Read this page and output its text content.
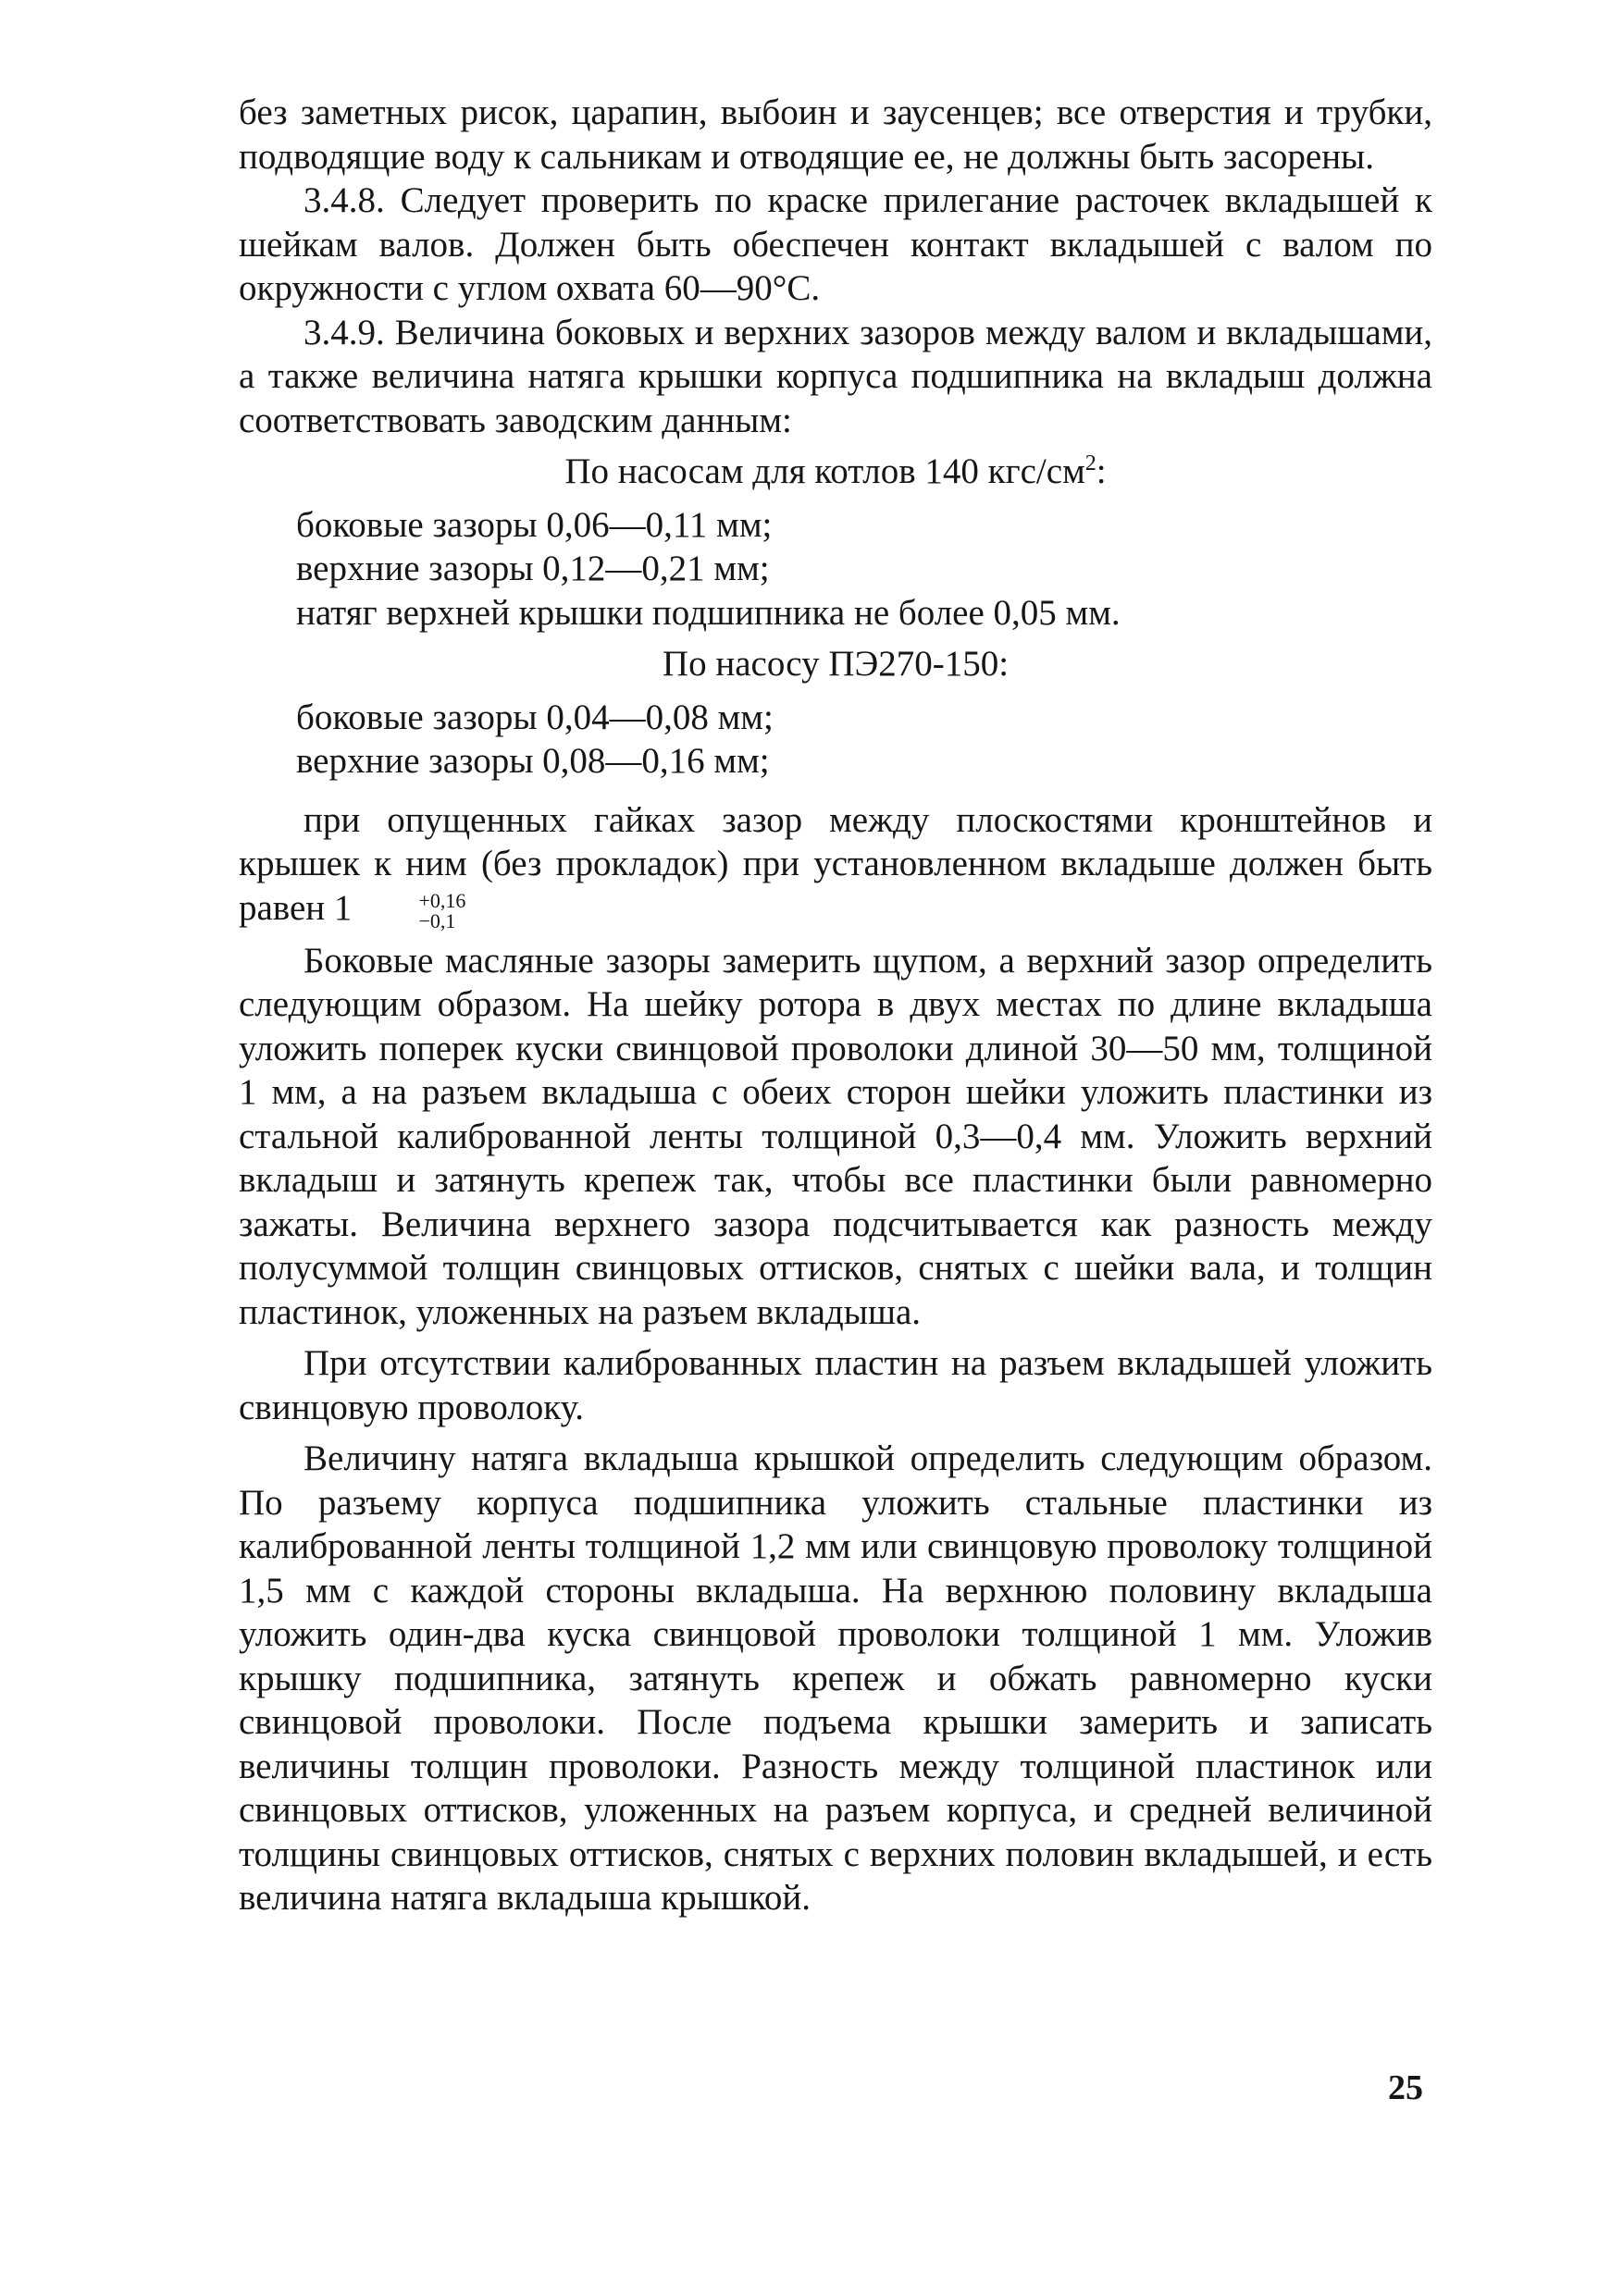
без заметных рисок, царапин, выбоин и заусенцев; все отверстия и трубки, подводящие воду к сальникам и отводящие ее, не должны быть засорены.

3.4.8. Следует проверить по краске прилегание расточек вкладышей к шейкам валов. Должен быть обеспечен контакт вкладышей с валом по окружности с углом охвата 60—90°С.

3.4.9. Величина боковых и верхних зазоров между валом и вкладышами, а также величина натяга крышки корпуса подшипника на вкладыш должна соответствовать заводским данным:

По насосам для котлов 140 кгс/$см^2$:

боковые зазоры 0,06—0,11 мм;

верхние зазоры 0,12—0,21 мм;

натяг верхней крышки подшипника не более 0,05 мм.

По насосу ПЭ270-150:

боковые зазоры 0,04—0,08 мм;

верхние зазоры 0,08—0,16 мм;

при опущенных гайках зазор между плоскостями кронштейнов и крышек к ним (без прокладок) при установленном вкладыше должен быть равен 1	+0,16
−0,1

Боковые масляные зазоры замерить щупом, а верхний зазор определить следующим образом. На шейку ротора в двух местах по длине вкладыша уложить поперек куски свинцовой проволоки длиной 30—50 мм, толщиной 1 мм, а на разъем вкладыша с обеих сторон шейки уложить пластинки из стальной калиброванной ленты толщиной 0,3—0,4 мм. Уложить верхний вкладыш и затянуть крепеж так, чтобы все пластинки были равномерно зажаты. Величина верхнего зазора подсчитывается как разность между полусуммой толщин свинцовых оттисков, снятых с шейки вала, и толщин пластинок, уложенных на разъем вкладыша.

При отсутствии калиброванных пластин на разъем вкладышей уложить свинцовую проволоку.

Величину натяга вкладыша крышкой определить следующим образом. По разъему корпуса подшипника уложить стальные пластинки из калиброванной ленты толщиной 1,2 мм или свинцовую проволоку толщиной 1,5 мм с каждой стороны вкладыша. На верхнюю половину вкладыша уложить один-два куска свинцовой проволоки толщиной 1 мм. Уложив крышку подшипника, затянуть крепеж и обжать равномерно куски свинцовой проволоки. После подъема крышки замерить и записать величины толщин проволоки. Разность между толщиной пластинок или свинцовых оттисков, уложенных на разъем корпуса, и средней величиной толщины свинцовых оттисков, снятых с верхних половин вкладышей, и есть величина натяга вкладыша крышкой.

25
